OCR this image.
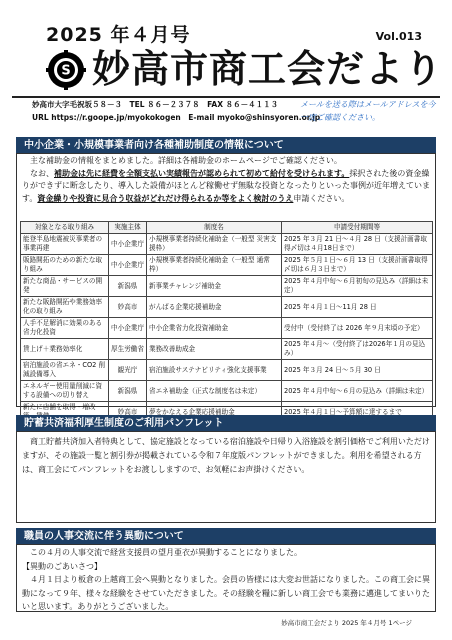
2025 年４月号	Vol.013
S 妙高市商工会だより
妙高市大字毛祝坂５８－３　TEL ８６－２３７８　FAX ８６－４１１３
URL https://r.goope.jp/myokokogen　E-mail myoko@shinsyoren.or.jp
メールを送る際はメールアドレスを今一度ご確認ください。
中小企業・小規模事業者向け各種補助制度の情報について
主な補助金の情報をまとめました。詳細は各補助金のホームページでご確認ください。
なお、補助金は先に経費を全額支払い実績報告が認められて初めて給付を受けられます。採択された後の資金繰りができずに断念したり、導入した設備がほとんど稼働せず無駄な投資となったりといった事例が近年増えています。資金繰りや投資に見合う収益がどれだけ得られるか等をよく検討のうえ申請ください。
対象となる取り組み	実施主体	制度名	申請受付期間等
能登半島地震被災事業者の事業再建	中小企業庁	小規模事業者持続化補助金（一般型 災害支援枠）	2025 年３月 21 日～４月 28 日（支援計画書取得〆切は４月18日まで）
販路開拓のための新たな取り組み	中小企業庁	小規模事業者持続化補助金（一般型 通常枠）	2025 年５月１日～６月 13 日（支援計画書取得〆切は６月３日まで）
新たな商品・サービスの開発	新潟県	新事業チャレンジ補助金	2025 年４月中旬～６月初旬の見込み（詳細は未定）
新たな販路開拓や業務効率化の取り組み	妙高市	がんばる企業応援補助金	2025 年４月１日～11月 28 日
人手不足解消に効果のある省力化投資	中小企業庁	中小企業省力化投資補助金	受付中（受付終了は 2026 年９月末頃の予定）
賃上げ＋業務効率化	厚生労働省	業務改善助成金	2025 年４月～（受付終了は2026年１月の見込み）
宿泊施設の省エネ・CO2 削減設備導入	観光庁	宿泊施設サステナビリティ強化支援事業	2025 年３月 24 日～５月 30 日
エネルギー使用量削減に資する設備への切り替え	新潟県	省エネ補助金（正式な制度名は未定）	2025 年４月中旬～６月の見込み（詳細は未定）
新たに店舗を取得・増改	妙高市	夢をかなえる企業応援補助金	2025 年４月１日～予算額に達するまで
貯蓄共済福利厚生制度のご利用パンフレット
商工貯蓄共済加入者特典として、協定施設となっている宿泊施設や日帰り入浴施設を割引価格でご利用いただけますが、その施設一覧と割引券が掲載されている令和７年度版パンフレットができました。利用を希望される方は、商工会にてパンフレットをお渡ししますので、お気軽にお声掛けください。
職員の人事交流に伴う異動について
この４月の人事交流で経営支援員の望月亜衣が異動することになりました。
【異動のごあいさつ】
４月１日より板倉の上越商工会へ異動となりました。会員の皆様には大変お世話になりました。この商工会に異動になって９年、様々な経験をさせていただきました。その経験を糧に新しい商工会でも業務に邁進してまいりたいと思います。ありがとうございました。
妙高市商工会だより 2025 年４月号 1ページ
